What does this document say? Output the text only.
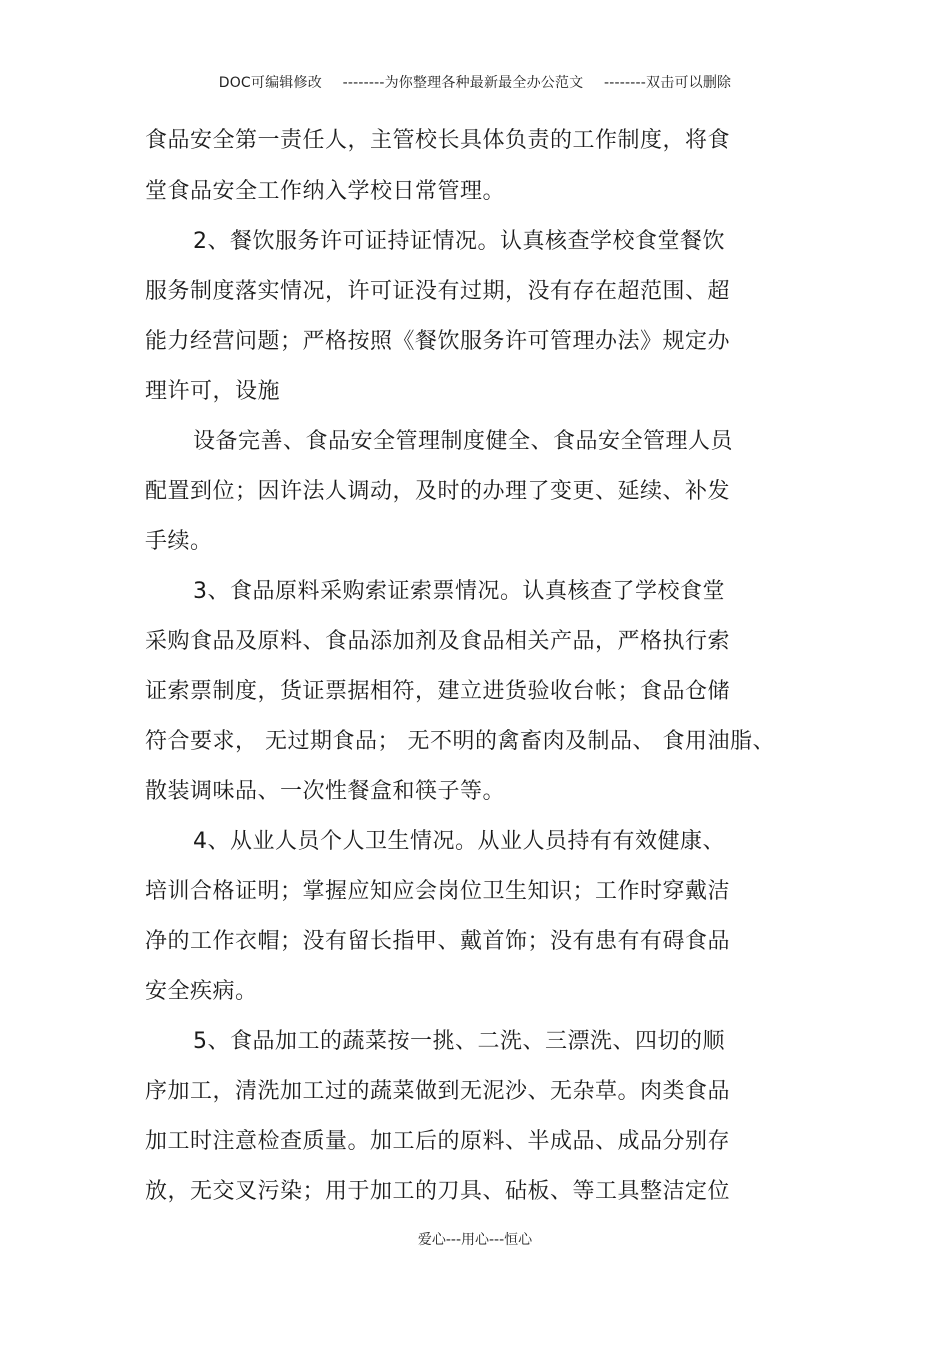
DOC可编辑修改 --------为你整理各种最新最全办公范文 --------双击可以删除
食品安全第一责任人，主管校长具体负责的工作制度，将食
堂食品安全工作纳入学校日常管理。
2、餐饮服务许可证持证情况。认真核查学校食堂餐饮
服务制度落实情况，许可证没有过期，没有存在超范围、超
能力经营问题；严格按照《餐饮服务许可管理办法》规定办
理许可，设施
设备完善、食品安全管理制度健全、食品安全管理人员
配置到位；因许法人调动，及时的办理了变更、延续、补发
手续。
3、食品原料采购索证索票情况。认真核查了学校食堂
采购食品及原料、食品添加剂及食品相关产品，严格执行索
证索票制度，货证票据相符，建立进货验收台帐；食品仓储
符合要求， 无过期食品； 无不明的禽畜肉及制品、 食用油脂、
散装调味品、一次性餐盒和筷子等。
4、从业人员个人卫生情况。从业人员持有有效健康、
培训合格证明；掌握应知应会岗位卫生知识；工作时穿戴洁
净的工作衣帽；没有留长指甲、戴首饰；没有患有有碍食品
安全疾病。
5、食品加工的蔬菜按一挑、二洗、三漂洗、四切的顺
序加工，清洗加工过的蔬菜做到无泥沙、无杂草。肉类食品
加工时注意检查质量。加工后的原料、半成品、成品分别存
放，无交叉污染；用于加工的刀具、砧板、等工具整洁定位
爱心---用心---恒心
